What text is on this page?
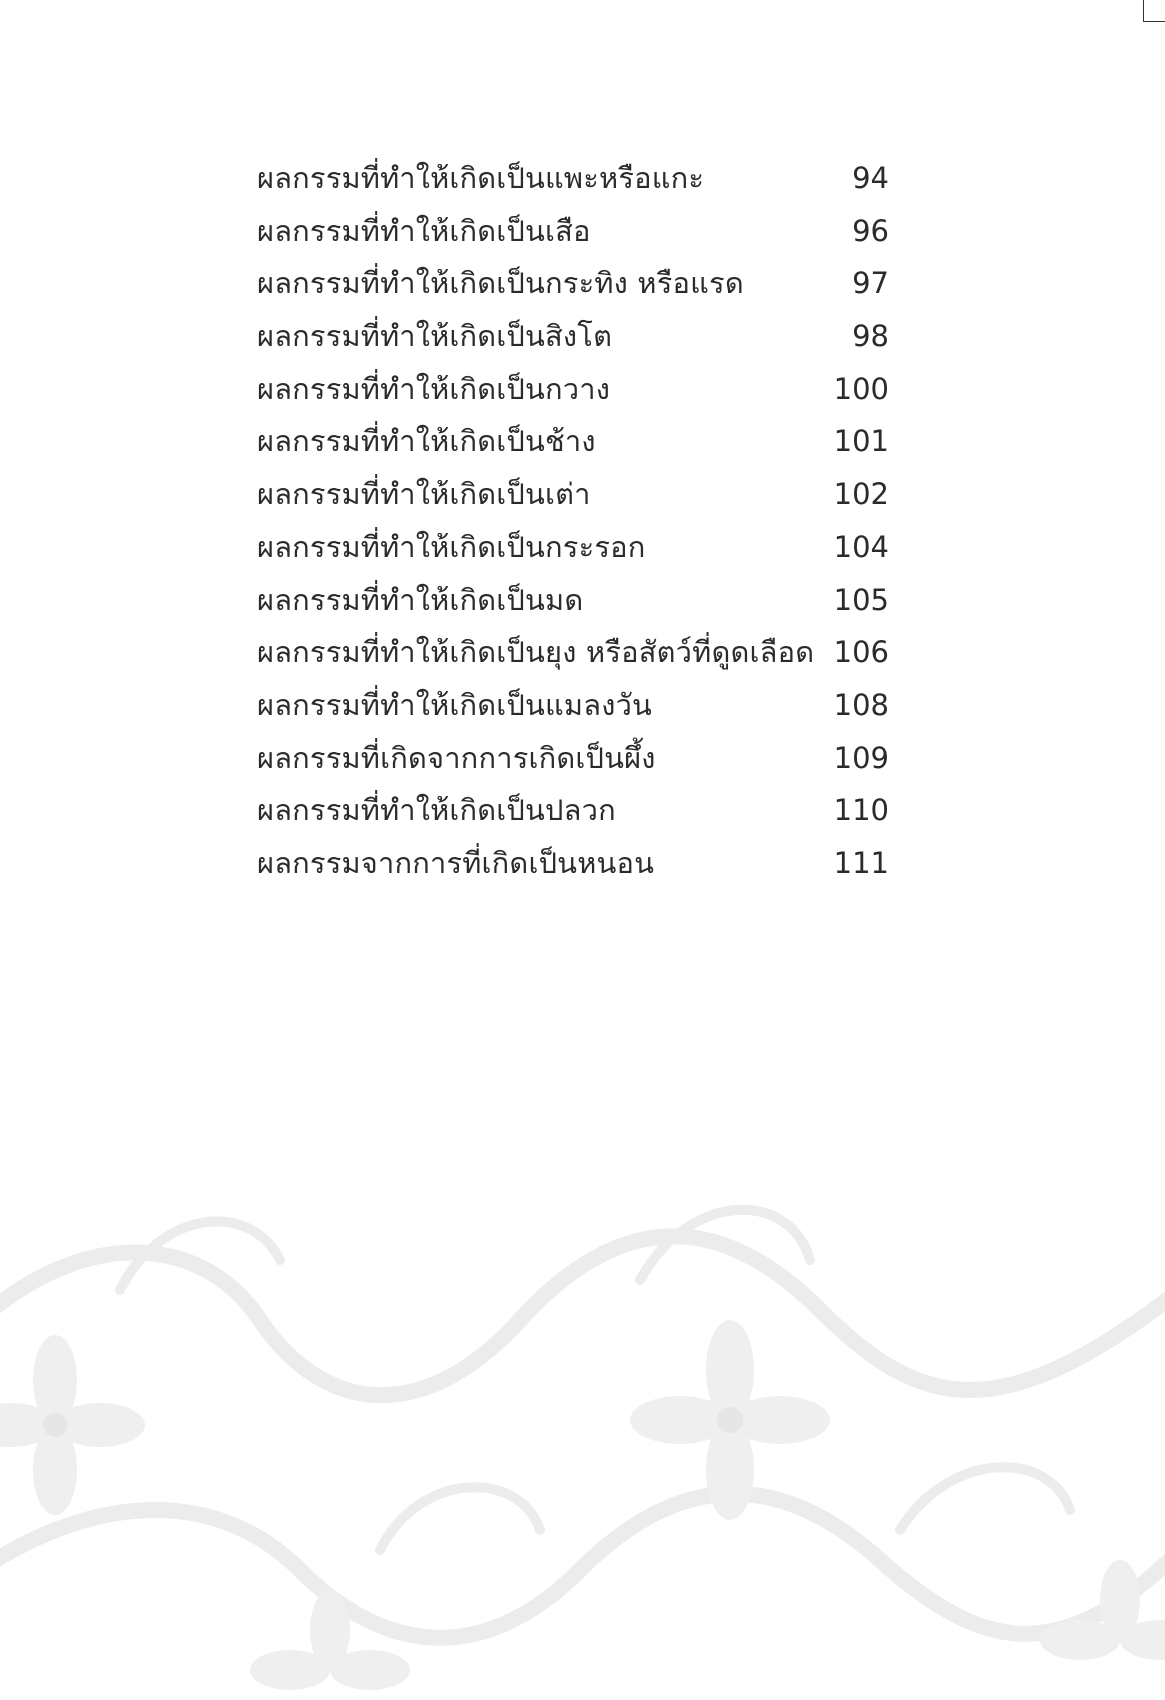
ผลกรรมที่ทำให้เกิดเป็นแพะหรือแกะ	94
ผลกรรมที่ทำให้เกิดเป็นเสือ	96
ผลกรรมที่ทำให้เกิดเป็นกระทิง หรือแรด	97
ผลกรรมที่ทำให้เกิดเป็นสิงโต	98
ผลกรรมที่ทำให้เกิดเป็นกวาง	100
ผลกรรมที่ทำให้เกิดเป็นช้าง	101
ผลกรรมที่ทำให้เกิดเป็นเต่า	102
ผลกรรมที่ทำให้เกิดเป็นกระรอก	104
ผลกรรมที่ทำให้เกิดเป็นมด	105
ผลกรรมที่ทำให้เกิดเป็นยุง หรือสัตว์ที่ดูดเลือด 106
ผลกรรมที่ทำให้เกิดเป็นแมลงวัน	108
ผลกรรมที่เกิดจากการเกิดเป็นผึ้ง	109
ผลกรรมที่ทำให้เกิดเป็นปลวก	110
ผลกรรมจากการที่เกิดเป็นหนอน	111
